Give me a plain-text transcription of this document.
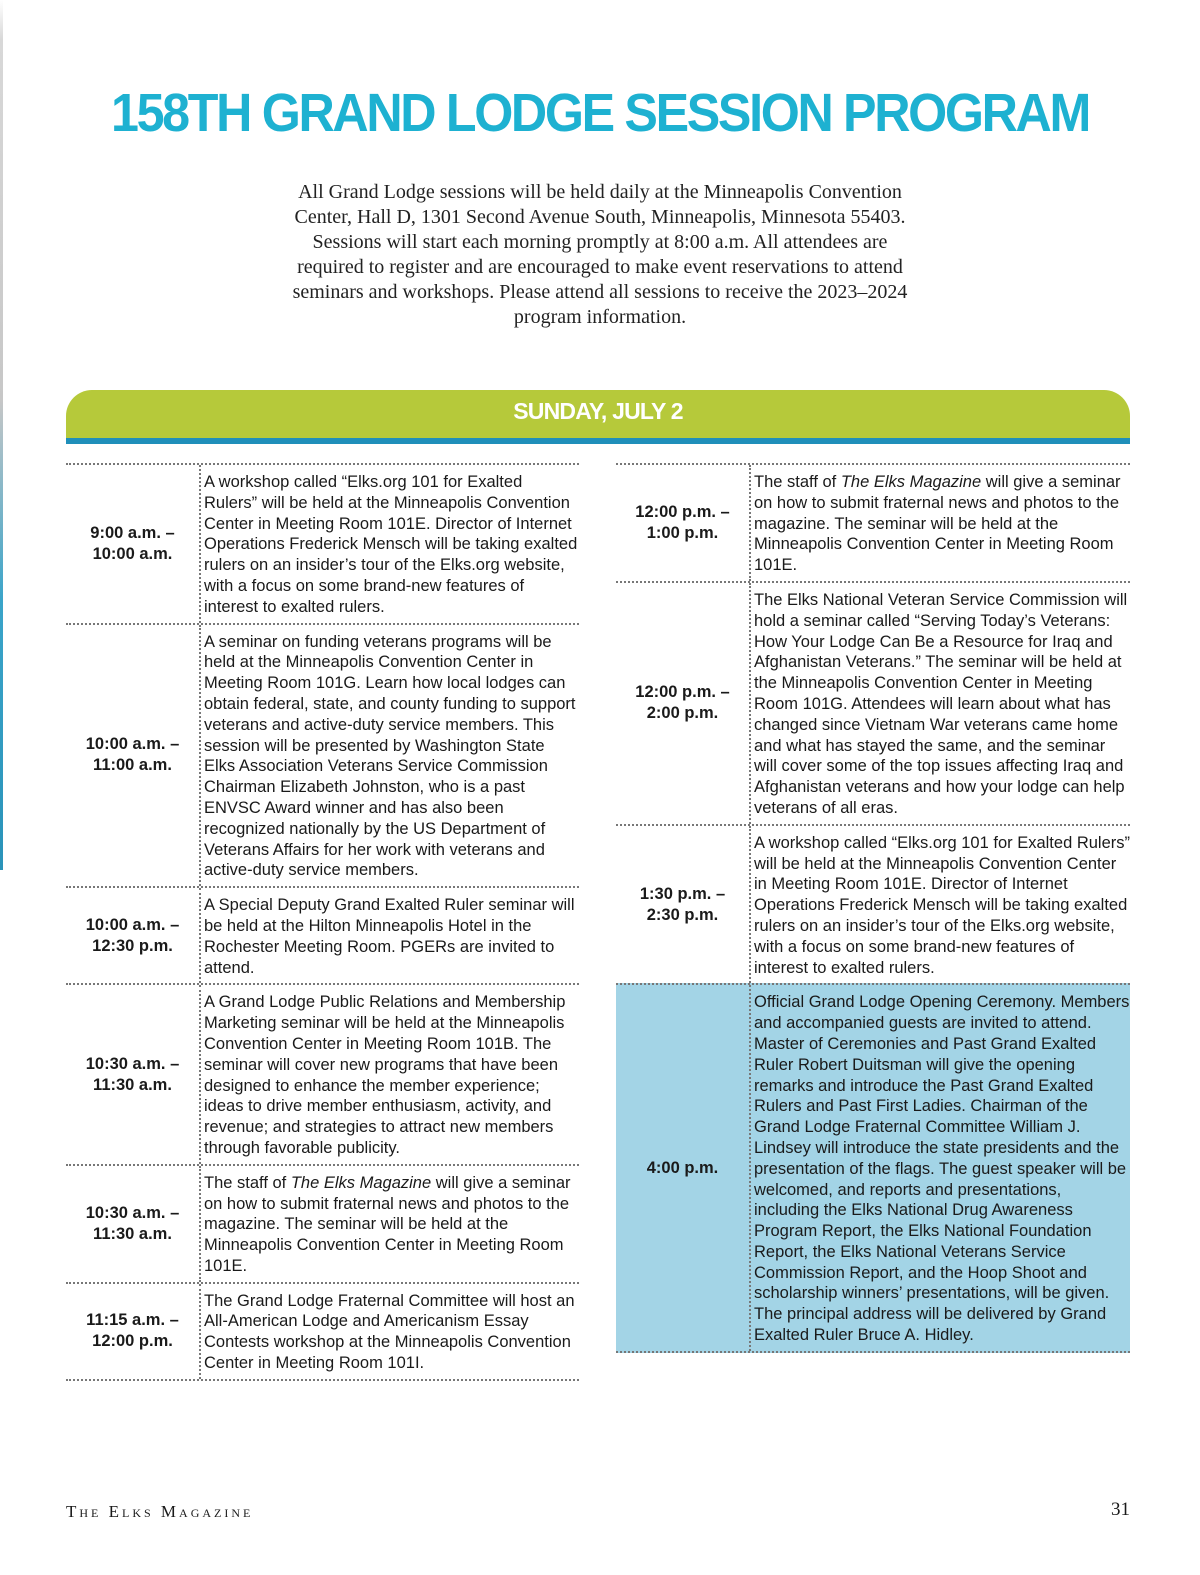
158TH GRAND LODGE SESSION PROGRAM
All Grand Lodge sessions will be held daily at the Minneapolis Convention
Center, Hall D, 1301 Second Avenue South, Minneapolis, Minnesota 55403.
Sessions will start each morning promptly at 8:00 a.m. All attendees are
required to register and are encouraged to make event reservations to attend
seminars and workshops. Please attend all sessions to receive the 2023–2024
program information.
SUNDAY, JULY 2
9:00 a.m. –
10:00 a.m.
A workshop called “Elks.org 101 for Exalted Rulers” will be held at the Minneapolis Convention Center in Meeting Room 101E. Director of Internet Operations Frederick Mensch will be taking exalted rulers on an insider’s tour of the Elks.org website, with a focus on some brand-new features of interest to exalted rulers.
10:00 a.m. –
11:00 a.m.
A seminar on funding veterans programs will be held at the Minneapolis Convention Center in Meeting Room 101G. Learn how local lodges can obtain federal, state, and county funding to support veterans and active-duty service members. This session will be presented by Washington State Elks Association Veterans Service Commission Chairman Elizabeth Johnston, who is a past ENVSC Award winner and has also been recognized nationally by the US Department of Veterans Affairs for her work with veterans and active-duty service members.
10:00 a.m. –
12:30 p.m.
A Special Deputy Grand Exalted Ruler seminar will be held at the Hilton Minneapolis Hotel in the Rochester Meeting Room. PGERs are invited to attend.
10:30 a.m. –
11:30 a.m.
A Grand Lodge Public Relations and Membership Marketing seminar will be held at the Minneapolis Convention Center in Meeting Room 101B. The seminar will cover new programs that have been designed to enhance the member experience; ideas to drive member enthusiasm, activity, and revenue; and strategies to attract new members through favorable publicity.
10:30 a.m. –
11:30 a.m.
The staff of The Elks Magazine will give a seminar on how to submit fraternal news and photos to the magazine. The seminar will be held at the Minneapolis Convention Center in Meeting Room 101E.
11:15 a.m. –
12:00 p.m.
The Grand Lodge Fraternal Committee will host an All-American Lodge and Americanism Essay Contests workshop at the Minneapolis Convention Center in Meeting Room 101I.
12:00 p.m. –
1:00 p.m.
The staff of The Elks Magazine will give a seminar on how to submit fraternal news and photos to the magazine. The seminar will be held at the Minneapolis Convention Center in Meeting Room 101E.
12:00 p.m. –
2:00 p.m.
The Elks National Veteran Service Commission will hold a seminar called “Serving Today’s Veterans: How Your Lodge Can Be a Resource for Iraq and Afghanistan Veterans.” The seminar will be held at the Minneapolis Convention Center in Meeting Room 101G. Attendees will learn about what has changed since Vietnam War veterans came home and what has stayed the same, and the seminar will cover some of the top issues affecting Iraq and Afghanistan veterans and how your lodge can help veterans of all eras.
1:30 p.m. –
2:30 p.m.
A workshop called “Elks.org 101 for Exalted Rulers” will be held at the Minneapolis Convention Center in Meeting Room 101E. Director of Internet Operations Frederick Mensch will be taking exalted rulers on an insider’s tour of the Elks.org website, with a focus on some brand-new features of interest to exalted rulers.
4:00 p.m.
Official Grand Lodge Opening Ceremony. Members and accompanied guests are invited to attend. Master of Ceremonies and Past Grand Exalted Ruler Robert Duitsman will give the opening remarks and introduce the Past Grand Exalted Rulers and Past First Ladies. Chairman of the Grand Lodge Fraternal Committee William J. Lindsey will introduce the state presidents and the presentation of the flags. The guest speaker will be welcomed, and reports and presentations, including the Elks National Drug Awareness Program Report, the Elks National Foundation Report, the Elks National Veterans Service Commission Report, and the Hoop Shoot and scholarship winners’ presentations, will be given. The principal address will be delivered by Grand Exalted Ruler Bruce A. Hidley.
The Elks Magazine	31
